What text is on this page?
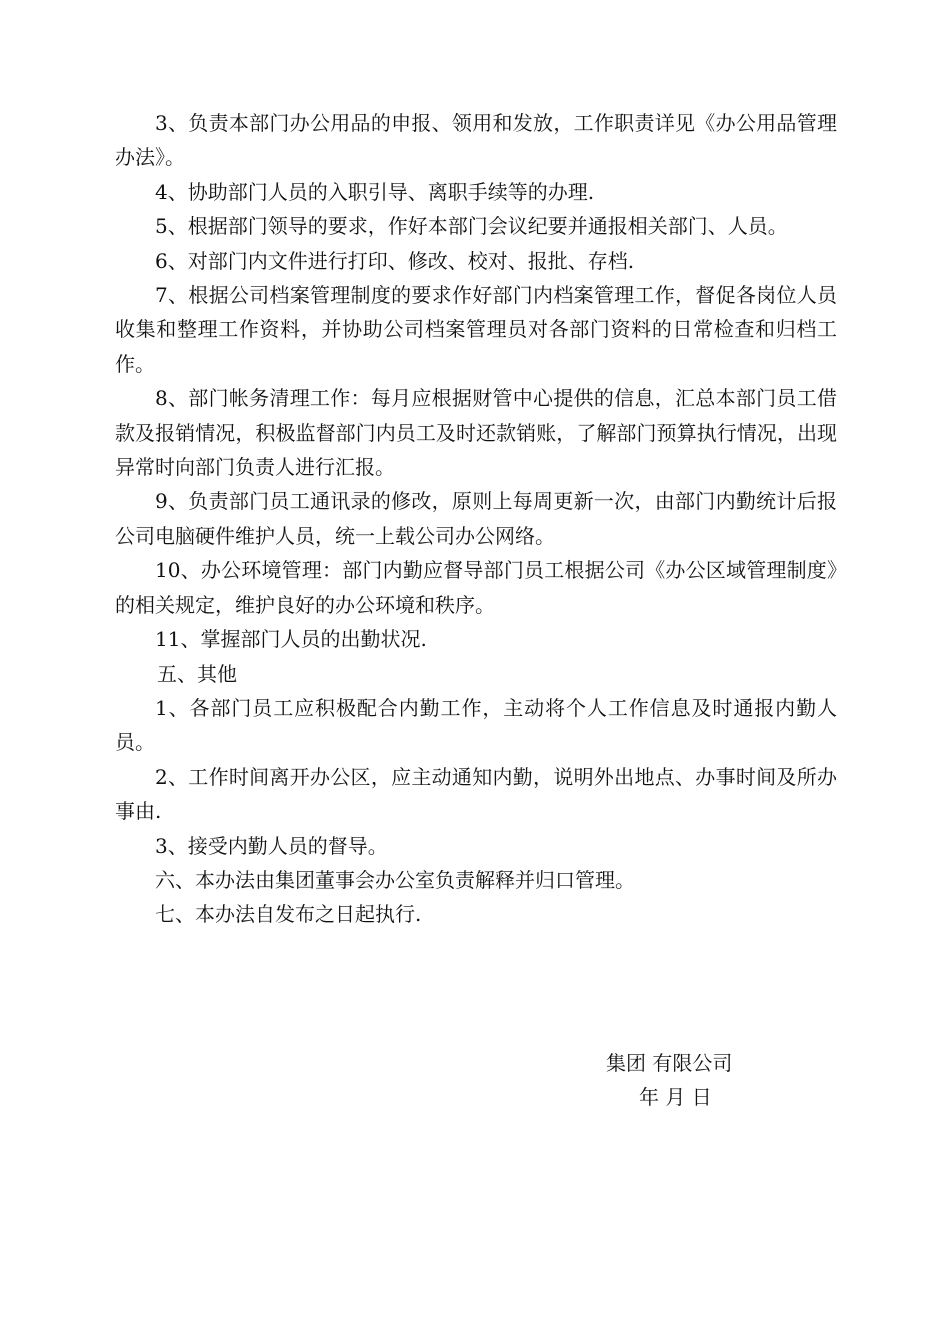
3、负责本部门办公用品的申报、领用和发放，工作职责详见《办公用品管理办法》。

4、协助部门人员的入职引导、离职手续等的办理.

5、根据部门领导的要求，作好本部门会议纪要并通报相关部门、人员。

6、对部门内文件进行打印、修改、校对、报批、存档.

7、根据公司档案管理制度的要求作好部门内档案管理工作，督促各岗位人员收集和整理工作资料，并协助公司档案管理员对各部门资料的日常检查和归档工作。

8、部门帐务清理工作：每月应根据财管中心提供的信息，汇总本部门员工借款及报销情况，积极监督部门内员工及时还款销账，了解部门预算执行情况，出现异常时向部门负责人进行汇报。

9、负责部门员工通讯录的修改，原则上每周更新一次，由部门内勤统计后报公司电脑硬件维护人员，统一上载公司办公网络。

10、办公环境管理：部门内勤应督导部门员工根据公司《办公区域管理制度》的相关规定，维护良好的办公环境和秩序。

11、掌握部门人员的出勤状况.

五、其他

1、各部门员工应积极配合内勤工作，主动将个人工作信息及时通报内勤人员。

2、工作时间离开办公区，应主动通知内勤，说明外出地点、办事时间及所办事由.

3、接受内勤人员的督导。

六、本办法由集团董事会办公室负责解释并归口管理。

七、本办法自发布之日起执行.

集团 有限公司
年 月 日
